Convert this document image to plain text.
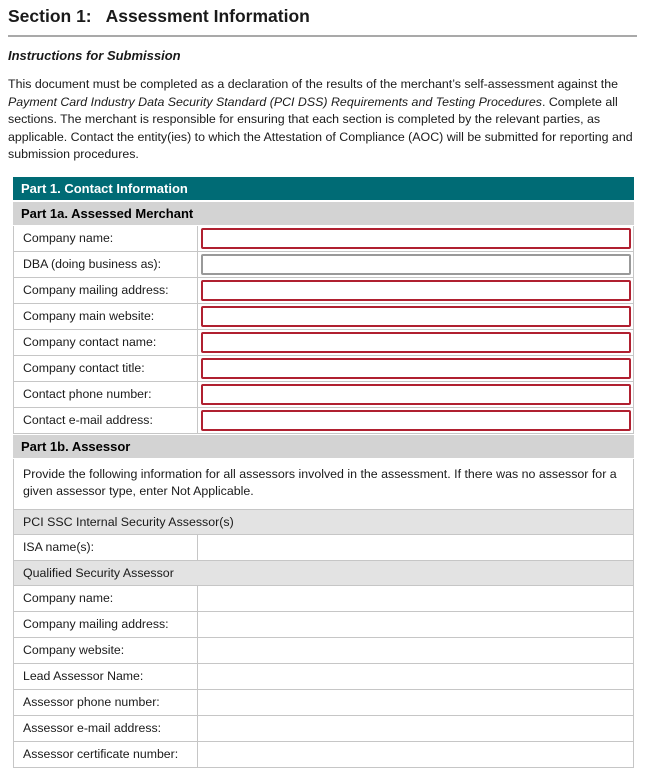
Section 1: Assessment Information
Instructions for Submission

This document must be completed as a declaration of the results of the merchant’s self-assessment against the Payment Card Industry Data Security Standard (PCI DSS) Requirements and Testing Procedures. Complete all sections. The merchant is responsible for ensuring that each section is completed by the relevant parties, as applicable. Contact the entity(ies) to which the Attestation of Compliance (AOC) will be submitted for reporting and submission procedures.

Part 1. Contact Information
Part 1a. Assessed Merchant
Company name:
DBA (doing business as):
Company mailing address:
Company main website:
Company contact name:
Company contact title:
Contact phone number:
Contact e-mail address:
Part 1b. Assessor
Provide the following information for all assessors involved in the assessment. If there was no assessor for a given assessor type, enter Not Applicable.
PCI SSC Internal Security Assessor(s)
ISA name(s):
Qualified Security Assessor
Company name:
Company mailing address:
Company website:
Lead Assessor Name:
Assessor phone number:
Assessor e-mail address:
Assessor certificate number:
